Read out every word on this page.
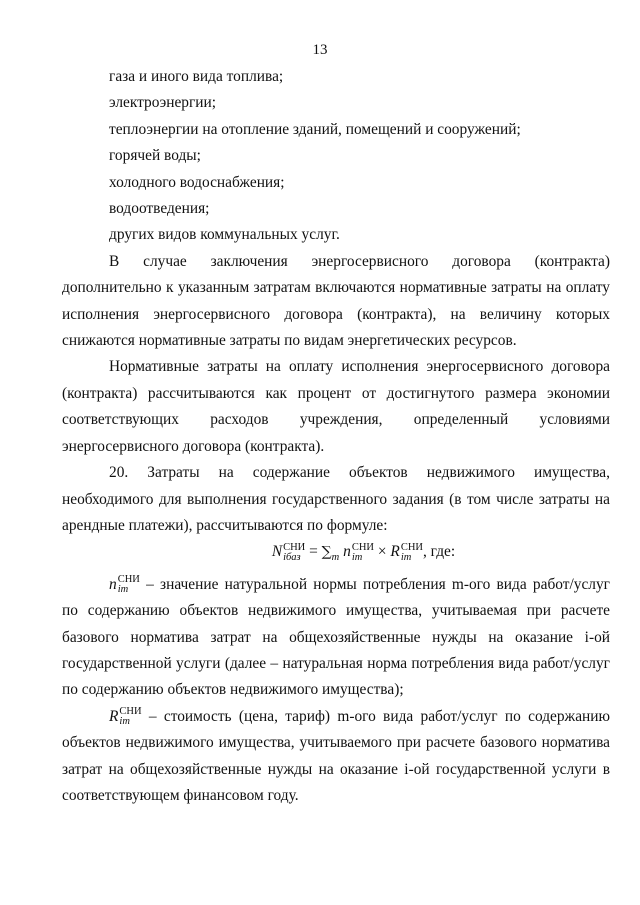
13

газа и иного вида топлива;

электроэнергии;

теплоэнергии на отопление зданий, помещений и сооружений;

горячей воды;

холодного водоснабжения;

водоотведения;

других видов коммунальных услуг.

В случае заключения энергосервисного договора (контракта) дополнительно к указанным затратам включаются нормативные затраты на оплату исполнения энергосервисного договора (контракта), на величину которых снижаются нормативные затраты по видам энергетических ресурсов.

Нормативные затраты на оплату исполнения энергосервисного договора (контракта) рассчитываются как процент от достигнутого размера экономии соответствующих расходов учреждения, определенный условиями энергосервисного договора (контракта).

20. Затраты на содержание объектов недвижимого имущества, необходимого для выполнения государственного задания (в том числе затраты на арендные платежи), рассчитываются по формуле:

N СНИ
iбаз = $\sum_m$ n СНИ
im	× R СНИ
im , где:

n СНИ
im	– значение натуральной нормы потребления m-ого вида работ/услуг по содержанию объектов недвижимого имущества, учитываемая при расчете базового норматива затрат на общехозяйственные нужды на оказание i-ой государственной услуги (далее – натуральная норма потребления вида работ/услуг по содержанию объектов недвижимого имущества);

R СНИ
im	– стоимость (цена, тариф) m-ого вида работ/услуг по содержанию объектов недвижимого имущества, учитываемого при расчете базового норматива затрат на общехозяйственные нужды на оказание i-ой государственной услуги в соответствующем финансовом году.
